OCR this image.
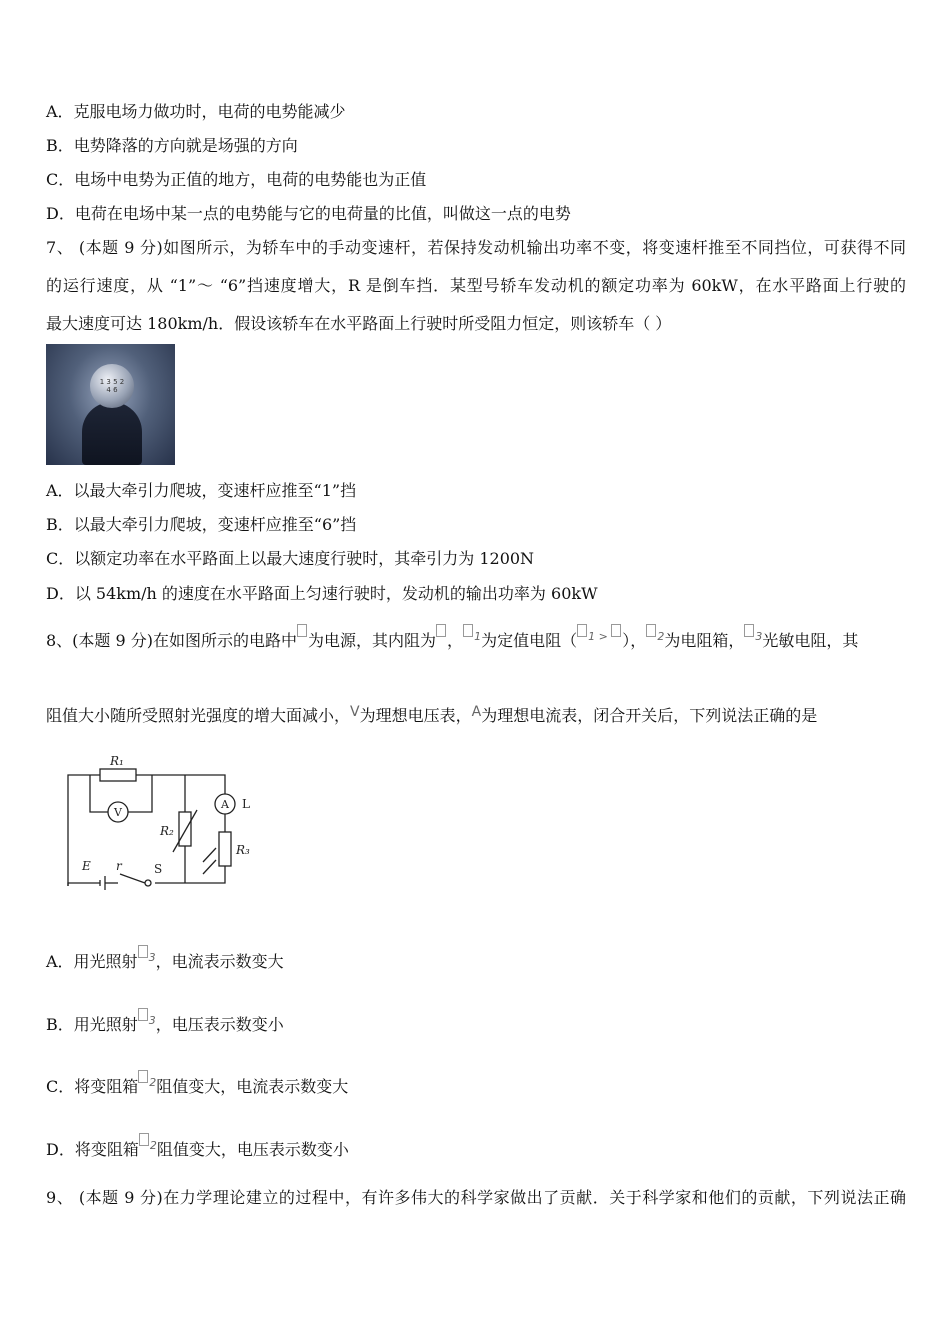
A．克服电场力做功时，电荷的电势能减少
B．电势降落的方向就是场强的方向
C．电场中电势为正值的地方，电荷的电势能也为正值
D．电荷在电场中某一点的电势能与它的电荷量的比值，叫做这一点的电势
7、 (本题 9 分)如图所示，为轿车中的手动变速杆，若保持发动机输出功率不变，将变速杆推至不同挡位，可获得不同
的运行速度，从 “1”～ “6”挡速度增大，R 是倒车挡．某型号轿车发动机的额定功率为 60kW，在水平路面上行驶的
最大速度可达 180km/h．假设该轿车在水平路面上行驶时所受阻力恒定，则该轿车（ ）
1 3 5 2 4 6
A．以最大牵引力爬坡，变速杆应推至“1”挡
B．以最大牵引力爬坡，变速杆应推至“6”挡
C．以额定功率在水平路面上以最大速度行驶时，其牵引力为 1200N
D．以 54km/h 的速度在水平路面上匀速行驶时，发动机的输出功率为 60kW
8、(本题 9 分)在如图所示的电路中 为电源，其内阻为 ， 1为定值电阻（ 1 > ）， 2为电阻箱， 3光敏电阻，其
阻值大小随所受照射光强度的增大面减小，V为理想电压表，A为理想电流表，闭合开关后，下列说法正确的是
R₁
V
A L
R₂
R₃
E r	S
A．用光照射 3，电流表示数变大
B．用光照射 3，电压表示数变小
C．将变阻箱 2阻值变大，电流表示数变大
D．将变阻箱 2阻值变大，电压表示数变小
9、 (本题 9 分)在力学理论建立的过程中，有许多伟大的科学家做出了贡献．关于科学家和他们的贡献，下列说法正确
